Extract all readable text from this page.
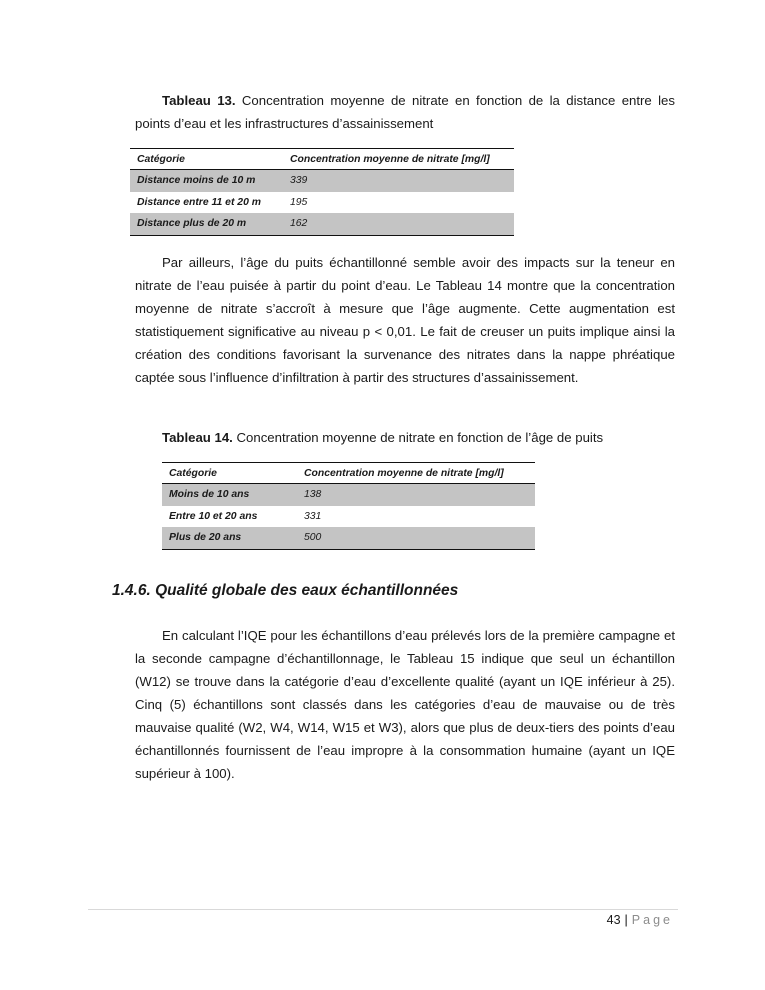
Tableau 13. Concentration moyenne de nitrate en fonction de la distance entre les points d’eau et les infrastructures d’assainissement

Catégorie	Concentration moyenne de nitrate [mg/l]
Distance moins de 10 m	339
Distance entre 11 et 20 m	195
Distance plus de 20 m	162

Par ailleurs, l’âge du puits échantillonné semble avoir des impacts sur la teneur en nitrate de l’eau puisée à partir du point d’eau. Le Tableau 14 montre que la concentration moyenne de nitrate s’accroît à mesure que l’âge augmente. Cette augmentation est statistiquement significative au niveau p < 0,01. Le fait de creuser un puits implique ainsi la création des conditions favorisant la survenance des nitrates dans la nappe phréatique captée sous l’influence d’infiltration à partir des structures d’assainissement.

Tableau 14. Concentration moyenne de nitrate en fonction de l’âge de puits

Catégorie	Concentration moyenne de nitrate [mg/l]
Moins de 10 ans	138
Entre 10 et 20 ans	331
Plus de 20 ans	500
1.4.6. Qualité globale des eaux échantillonnées

En calculant l’IQE pour les échantillons d’eau prélevés lors de la première campagne et la seconde campagne d’échantillonnage, le Tableau 15 indique que seul un échantillon (W12) se trouve dans la catégorie d’eau d’excellente qualité (ayant un IQE inférieur à 25). Cinq (5) échantillons sont classés dans les catégories d’eau de mauvaise ou de très mauvaise qualité (W2, W4, W14, W15 et W3), alors que plus de deux-tiers des points d’eau échantillonnés fournissent de l’eau impropre à la consommation humaine (ayant un IQE supérieur à 100).

43 | Page
